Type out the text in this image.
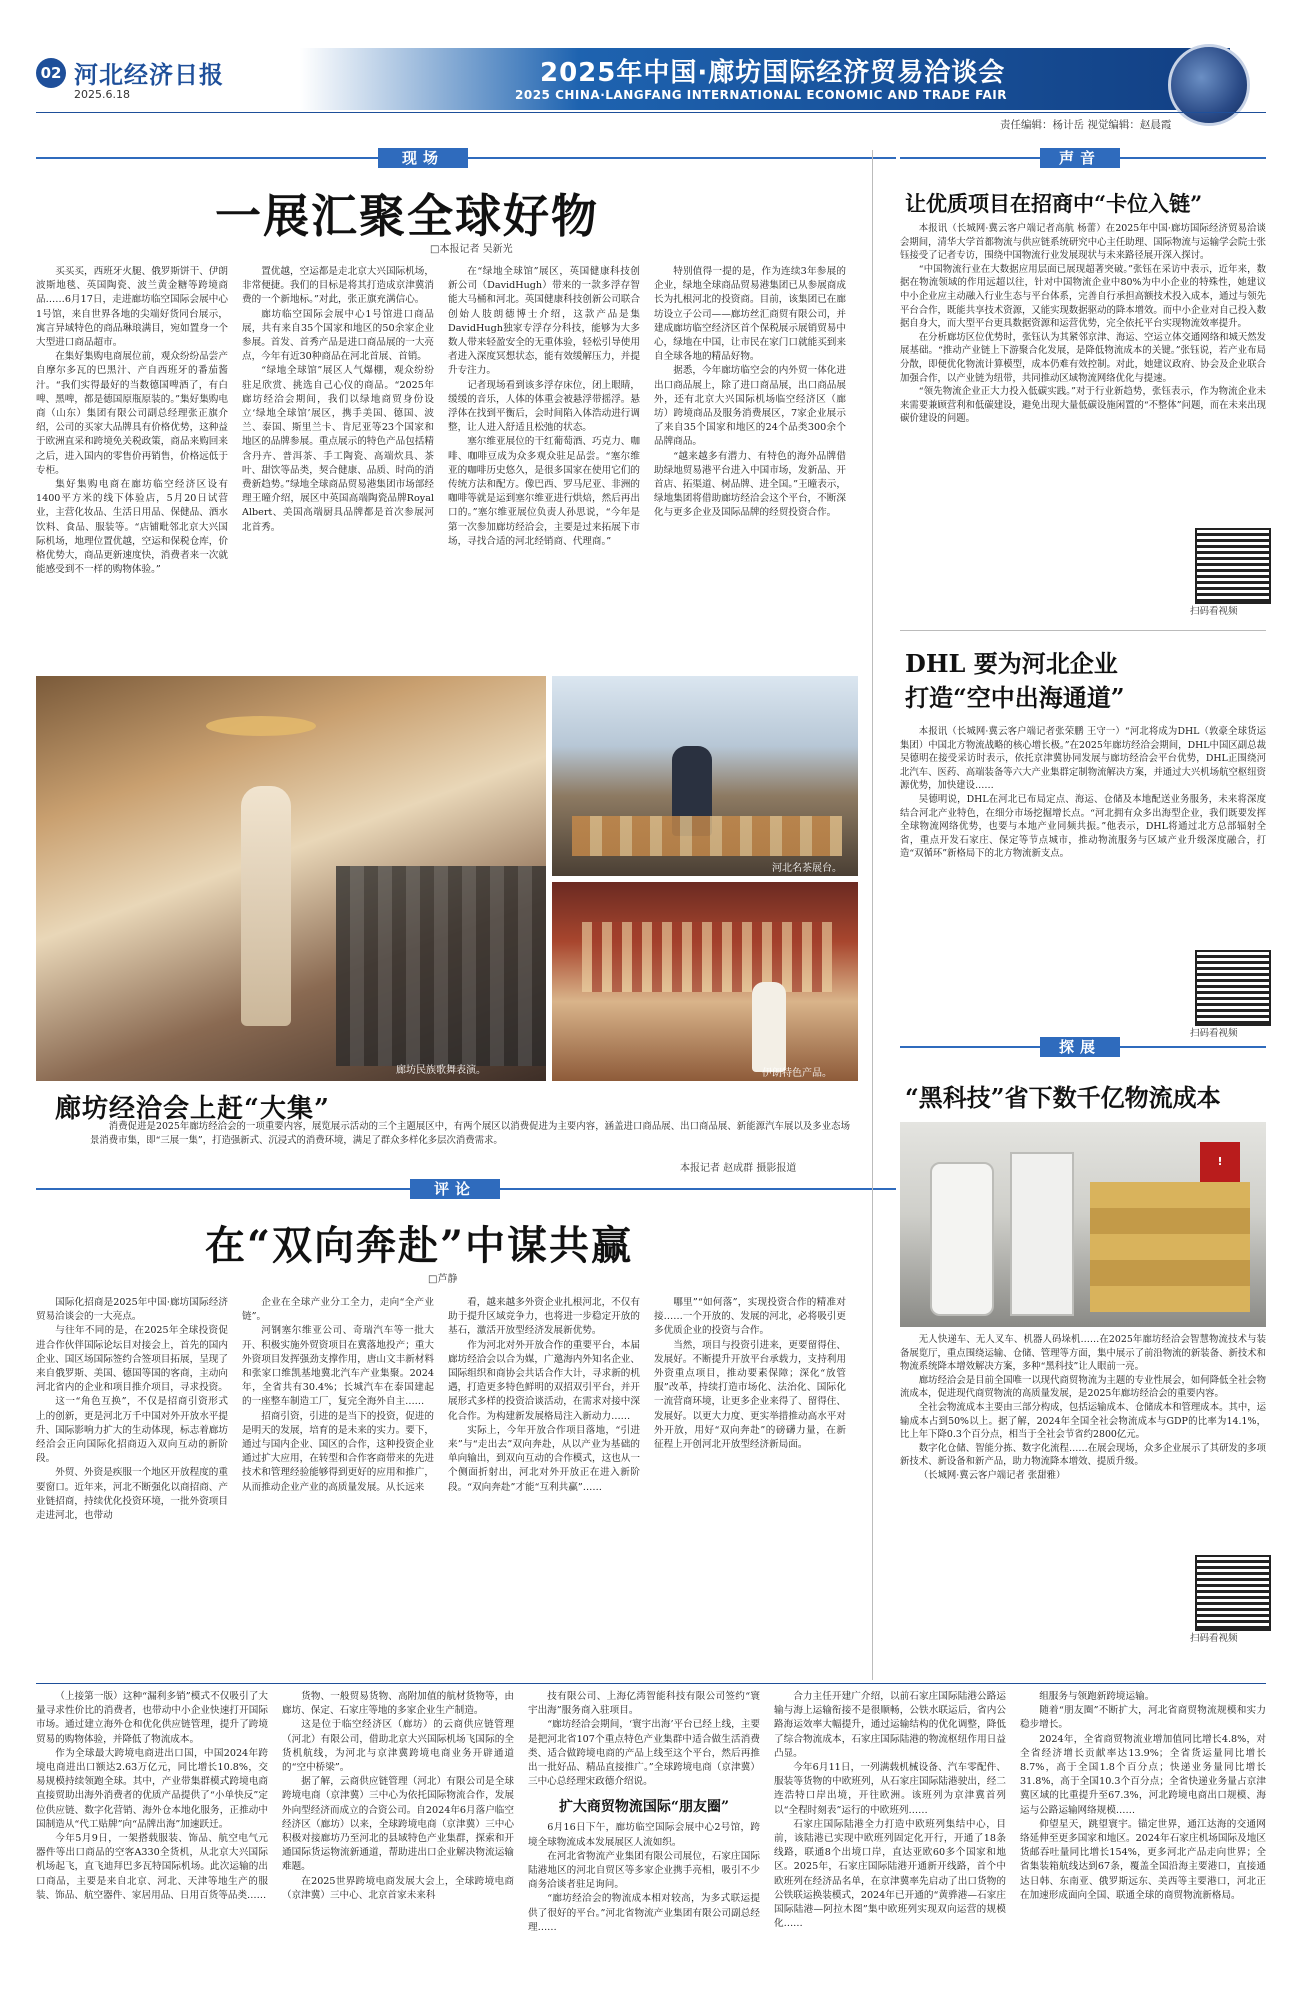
02 河北经济日报
2025.6.18
2025年中国·廊坊国际经济贸易洽谈会
2025 CHINA·LANGFANG INTERNATIONAL ECONOMIC AND TRADE FAIR
责任编辑：杨计岳 视觉编辑：赵晨霞
现场
一展汇聚全球好物
□本报记者 吴新光

买买买，西班牙火腿、俄罗斯饼干、伊朗波斯地毯、英国陶瓷、波兰黄金糖等跨境商品……6月17日，走进廊坊临空国际会展中心1号馆，来自世界各地的尖端好货同台展示，寓言异域特色的商品琳琅满目，宛如置身一个大型进口商品超市。

在集好集购电商展位前，观众纷纷品尝产自摩尔多瓦的巴黑汁、产自西班牙的番茄酱汁。“我们实得最好的当数德国啤酒了，有白啤、黑啤，都是德国原瓶原装的。”集好集购电商（山东）集团有限公司副总经理张正旗介绍，公司的买家大品牌具有价格优势，这种益于欧洲直采和跨境免关税政策，商品来购回来之后，进入国内的零售价再销售，价格远低于专柜。

集好集购电商在廊坊临空经济区设有1400平方米的线下体验店，5月20日试营业，主营化妆品、生活日用品、保健品、酒水饮料、食品、服装等。“店铺毗邻北京大兴国际机场，地理位置优越，空运和保税仓库，价格优势大，商品更新速度快，消费者来一次就能感受到不一样的购物体验。”

置优越，空运都是走北京大兴国际机场，非常便捷。我们的目标是将其打造成京津冀消费的一个新地标。”对此，张正旗充满信心。

廊坊临空国际会展中心1号馆进口商品展，共有来自35个国家和地区的50余家企业参展。首发、首秀产品是进口商品展的一大亮点，今年有近30种商品在河北首展、首销。

“绿地全球馆”展区人气爆棚，观众纷纷驻足欣赏、挑选自己心仪的商品。“2025年廊坊经洽会期间，我们以绿地商贸身份设立‘绿地全球馆’展区，携手美国、德国、波兰、泰国、斯里兰卡、肯尼亚等23个国家和地区的品牌参展。重点展示的特色产品包括精含丹卉、普洱茶、手工陶瓷、高端炊具、茶叶、甜饮等品类，契合健康、品质、时尚的消费新趋势。”绿地全球商品贸易港集团市场部经理王曈介绍，展区中英国高端陶瓷品牌Royal Albert、美国高端厨具品牌都是首次参展河北首秀。

在“绿地全球馆”展区，英国健康科技创新公司（DavidHugh）带来的一款多浮存智能大马桶和河北。英国健康科技创新公司联合创始人肢朗德博士介绍，这款产品是集DavidHugh独家专浮存分科技，能够为大多数人带来轻盈安全的无重体验，轻松引导使用者进入深度冥想状态，能有效缓解压力，并提升专注力。

记者现场看到该多浮存床位，闭上眼睛，缓缓的音乐，人体的体重会被悬浮带摇浮。悬浮体在找到平衡后，会时间陷入体浩动进行调整，让人进入舒适且松弛的状态。

塞尔维亚展位的干红葡萄酒、巧克力、咖啡、咖啡豆成为众多观众驻足品尝。“塞尔维亚的咖啡历史悠久，是很多国家在使用它们的传统方法和配方。像巴西、罗马尼亚、非洲的咖啡等就是运到塞尔维亚进行烘焙，然后再出口的。”塞尔维亚展位负责人孙思说，“今年是第一次参加廊坊经洽会，主要是过来拓展下市场，寻找合适的河北经销商、代理商。”

特别值得一提的是，作为连续3年参展的企业，绿地全球商品贸易港集团已从参展商成长为扎根河北的投资商。目前，该集团已在廊坊设立子公司——廊坊丝汇商贸有限公司，并建成廊坊临空经济区首个保税展示展销贸易中心，绿地在中国，让市民在家门口就能买到来自全球各地的精品好物。

据悉，今年廊坊临空会的内外贸一体化进出口商品展上，除了进口商品展，出口商品展外，还有北京大兴国际机场临空经济区（廊坊）跨境商品及服务消费展区，7家企业展示了来自35个国家和地区的24个品类300余个品牌商品。

“越来越多有潜力、有特色的海外品牌借助绿地贸易港平台进入中国市场，发新品、开首店、拓渠道、树品牌、进全国。”王曈表示，绿地集团将借助廊坊经洽会这个平台，不断深化与更多企业及国际品牌的经贸投资合作。

廊坊民族歌舞表演。
河北名茶展台。
伊朗特色产品。
廊坊经洽会上赶“大集”

消费促进是2025年廊坊经洽会的一项重要内容，展览展示活动的三个主题展区中，有两个展区以消费促进为主要内容，涵盖进口商品展、出口商品展、新能源汽车展以及多业态场景消费市集，即“三展一集”，打造强新式、沉浸式的消费环境，满足了群众多样化多层次消费需求。

本报记者 赵成群 摄影报道
评论
在“双向奔赴”中谋共赢
□芦静

国际化招商是2025年中国·廊坊国际经济贸易洽谈会的一大亮点。

与往年不同的是，在2025年全球投资促进合作伙伴国际论坛目对接会上，首先的国内企业、国区场国际签约合签项目拓展，呈现了来自俄罗斯、美国、德国等国的客商，主动向河北省内的企业和项目推介项目，寻求投资。

这一“角色互换”，不仅是招商引资形式上的创新，更是河北万千中国对外开放水平提升、国际影响力扩大的生动体现，标志着廊坊经洽会正向国际化招商迈入双向互动的新阶段。

外贸、外资是疾服一个地区开放程度的重要窗口。近年来，河北不断强化以商招商、产业链招商，持续优化投资环境，一批外资项目走进河北，也带动

企业在全球产业分工全力，走向“全产业链”。

河钢塞尔维亚公司、奇瑞汽车等一批大开、积极实施外贸资项目在冀落地投产；重大外资项目发挥强劲支撑作用，唐山文丰新材料和张家口维凯基地冀北汽车产业集聚。2024年，全省共有30.4%；长城汽车在泰国建起的一座整车制造工厂，复完全海外自主……

招商引资，引进的是当下的投资，促进的是明天的发展，培育的是未来的实力。要下，通过与国内企业、国区的合作，这种投资企业通过扩大应用，在转型和合作客商带来的先进技术和管理经验能够得到更好的应用和推广，从而推动企业产业的高质量发展。从长远来

看，越来越多外资企业扎根河北，不仅有助于提升区域竞争力，也将进一步稳定开放的基石，激活开放型经济发展新优势。

作为河北对外开放合作的重要平台，本届廊坊经洽会以合为媒，广邀海内外知名企业、国际组织和商协会共话合作大计，寻求新的机遇，打造更多特色鲜明的双招双引平台，并开展形式多样的投资洽谈活动，在需求对接中深化合作。为构建新发展格局注入新动力……

实际上，今年开放合作项目落地，“引进来”与“走出去”双向奔赴，从以产业为基础的单向输出，到双向互动的合作模式，这也从一个侧面折射出，河北对外开放正在进入新阶段。“双向奔赴”才能“互利共赢”……

哪里”“如何落”，实现投资合作的精准对接……一个开放的、发展的河北，必将吸引更多优质企业的投资与合作。

当然，项目与投资引进来，更要留得住、发展好。不断提升开放平台承载力，支持利用外资重点项目，推动要素保障；深化“放管服”改革，持续打造市场化、法治化、国际化一流营商环境，让更多企业来得了、留得住、发展好。以更大力度、更实举措推动高水平对外开放，用好“双向奔赴”的磅礴力量，在新征程上开创河北开放型经济新局面。

声音
让优质项目在招商中“卡位入链”

本报讯（长城网·冀云客户端记者高航 杨蕾）在2025年中国·廊坊国际经济贸易洽谈会期间，清华大学首都物流与供应链系统研究中心主任助理、国际物流与运输学会院士张钰接受了记者专访，围绕中国物流行业发展现状与未来路径展开深入探讨。

“中国物流行业在大数据应用层面已展现超著突破。”张钰在采访中表示，近年来，数据在物流领域的作用远超以往，针对中国物流企业中80%为中小企业的特殊性，她建议中小企业应主动融入行业生态与平台体系，完善自行承担高额技术投入成本，通过与领先平台合作，既能共享技术资源，又能实现数据驱动的降本增效。而中小企业对自己投入数据自身大，而大型平台更具数据资源和运营优势，完全依托平台实现物流效率提升。

在分析廊坊区位优势时，张钰认为其紧邻京津、海运、空运立体交通网络和城天然发展基础。“推动产业链上下游聚合化发展，是降低物流成本的关键。”张钰说，若产业布局分散，即便优化物流计算模型，成本仍难有效控制。对此，她建议政府、协会及企业联合加强合作，以产业链为纽带，共同推动区域物流网络优化与提速。

“领先物流企业正大力投入低碳实践。”对于行业新趋势，张钰表示，作为物流企业未来需要兼顾营利和低碳建设，避免出现大量低碳设施闲置的“不整体”问题，而在未来出现碳价建设的问题。

扫码看视频
DHL 要为河北企业
打造“空中出海通道”

本报讯（长城网·冀云客户端记者张荣鹏 王守一）“河北将成为DHL（敦豪全球货运集团）中国北方物流战略的核心增长极。”在2025年廊坊经洽会期间，DHL中国区副总裁吴德明在接受采访时表示，依托京津冀协同发展与廊坊经洽会平台优势，DHL正围绕河北汽车、医药、高端装备等六大产业集群定制物流解决方案，并通过大兴机场航空枢纽资源优势，加快建设……

吴德明说，DHL在河北已布局定点、海运、仓储及本地配送业务服务，未来将深度结合河北产业特色，在细分市场挖掘增长点。“河北拥有众多出海型企业，我们既要发挥全球物流网络优势，也要与本地产业同频共振。”他表示，DHL将通过北方总部辐射全省，重点开发石家庄、保定等节点城市，推动物流服务与区域产业升级深度融合，打造“双循环”新格局下的北方物流新支点。

扫码看视频
探展
“黑科技”省下数千亿物流成本
!

无人快递车、无人叉车、机器人码垛机……在2025年廊坊经洽会智慧物流技术与装备展览厅，重点围绕运输、仓储、管理等方面，集中展示了前沿物流的新装备、新技术和物流系统降本增效解决方案，多种“黑科技”让人眼前一亮。

廊坊经洽会是目前全国唯一以现代商贸物流为主题的专业性展会，如何降低全社会物流成本，促进现代商贸物流的高质量发展，是2025年廊坊经洽会的重要内容。

全社会物流成本主要由三部分构成，包括运输成本、仓储成本和管理成本。其中，运输成本占到50%以上。据了解，2024年全国全社会物流成本与GDP的比率为14.1%，比上年下降0.3个百分点，相当于全社会节省约2800亿元。

数字化仓储、智能分拣、数字化流程……在展会现场，众多企业展示了其研发的多项新技术、新设备和新产品，助力物流降本增效、提质升级。

（长城网·冀云客户端记者 张甜雅）

扫码看视频

（上接第一版）这种“漏利多销”模式不仅吸引了大量寻求性价比的消费者，也带动中小企业快速打开国际市场。通过建立海外仓和优化供应链管理，提升了跨境贸易的购物体验，并降低了物流成本。

作为全球最大跨境电商进出口国，中国2024年跨境电商进出口额达2.63万亿元，同比增长10.8%，交易规模持续领跑全球。其中，产业带集群模式跨境电商直接贸助出海外消费者的优质产品提供了“小单快反”定位供应链、数字化营销、海外仓本地化服务，正推动中国制造从“代工贴牌”向“品牌出海”加速跃迁。

今年5月9日，一架搭载服装、饰品、航空电气元器件等出口商品的空客A330全货机，从北京大兴国际机场起飞，直飞迪拜巴多瓦特国际机场。此次运输的出口商品，主要是来自北京、河北、天津等地生产的服装、饰品、航空器件、家居用品、日用百货等品类……

货物、一般贸易货物、高附加值的航材货物等，由廊坊、保定、石家庄等地的多家企业生产制造。

这是位于临空经济区（廊坊）的云商供应链管理（河北）有限公司，借助北京大兴国际机场飞国际的全货机航线，为河北与京津冀跨境电商业务开辟通道的“空中桥梁”。

据了解，云商供应链管理（河北）有限公司是全球跨境电商（京津冀）三中心为依托国际物流合作，发展外向型经济而成立的合资公司。自2024年6月落户临空经济区（廊坊）以来，全球跨境电商（京津冀）三中心积极对接廊坊乃至河北的县域特色产业集群，探索和开通国际货运物流新通道，帮助进出口企业解决物流运输难题。

在2025世界跨境电商发展大会上，全球跨境电商（京津冀）三中心、北京首家未来科

技有限公司、上海亿湾智能科技有限公司签约“寰宇出海”服务商入驻项目。

“廊坊经洽会期间，‘寰宇出海’平台已经上线，主要是把河北省107个重点特色产业集群中适合做生活消费类、适合做跨境电商的产品上线至这个平台，然后再推出一批好品、精品直接推广。”全球跨境电商（京津冀）三中心总经理宋政德介绍说。

扩大商贸物流国际“朋友圈”

6月16日下午，廊坊临空国际会展中心2号馆，跨境全球物流成本发展展区人流如织。

在河北省物流产业集团有限公司展位，石家庄国际陆港地区的河北自贸区等多家企业携手亮相，吸引不少商务洽谈者驻足询问。

“廊坊经洽会的物流成本相对较高，为多式联运提供了很好的平台。”河北省物流产业集团有限公司副总经理……

合力主任开建广介绍，以前石家庄国际陆港公路运输与海上运输衔接不是很顺畅，公铁水联运后，省内公路海运效率大幅提升，通过运输结构的优化调整，降低了综合物流成本，石家庄国际陆港的物流枢纽作用日益凸显。

今年6月11日，一列满载机械设备、汽车零配件、服装等货物的中欧班列，从石家庄国际陆港驶出，经二连浩特口岸出境，开往欧洲。该班列为京津冀首列以“全程时刻表”运行的中欧班列……

石家庄国际陆港全力打造中欧班列集结中心，目前，该陆港已实现中欧班列固定化开行，开通了18条线路，联通8个出境口岸，直达亚欧60多个国家和地区。2025年，石家庄国际陆港开通新开线路，首个中欧班列在经济品名单，在京津冀率先启动了出口货物的公铁联运换装模式，2024年已开通的“黄骅港—石家庄国际陆港—阿拉木图”集中欧班列实现双向运营的规模化……

组服务与领跑新跨境运输。

随着“朋友圈”不断扩大，河北省商贸物流规模和实力稳步增长。

2024年，全省商贸物流业增加值同比增长4.8%，对全省经济增长贡献率达13.9%；全省货运量同比增长8.7%，高于全国1.8个百分点；快递业务量同比增长31.8%，高于全国10.3个百分点；全省快递业务量占京津冀区域的比重提升至67.3%，河北跨境电商出口规模、海运与公路运输网络规模……

仰望星天，跳望寰宇。锚定世界，通江达海的交通网络延伸至更多国家和地区。2024年石家庄机场国际及地区货邮吞吐量同比增长154%，更多河北产品走向世界；全省集装箱航线达到67条，覆盖全国沿海主要港口，直接通达日韩、东南亚、俄罗斯远东、美西等主要港口，河北正在加速形成面向全国、联通全球的商贸物流新格局。
